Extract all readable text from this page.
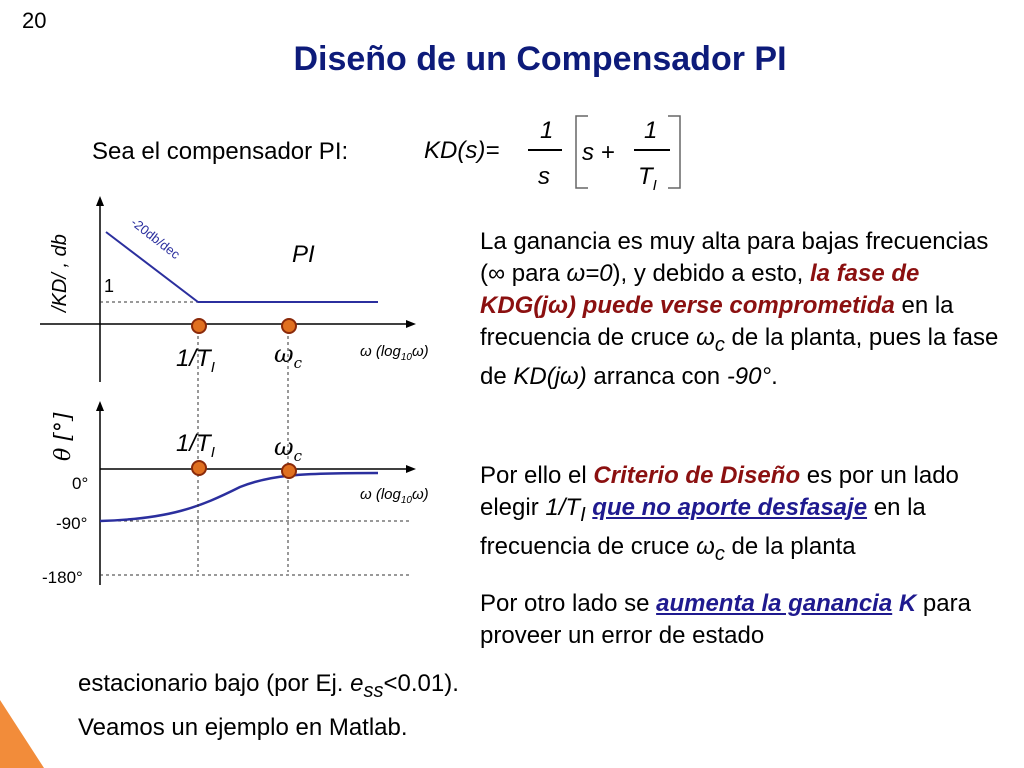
20
Diseño de un Compensador PI
Sea el compensador PI:	KD(s)=
1
s
s +
1
$T_I$
/KD/ , db	-20db/dec	PI
1
ω $(\log_{10}\omega)$
$1/T_I$ $\omega_c$
θ [°]
0°
-90°
-180°
ω $(\log_{10}\omega)$
$1/T_I$ $\omega_c$
La ganancia es muy alta para bajas frecuencias (∞ para ω=0), y debido a esto, la fase de KDG(jω) puede verse comprometida en la frecuencia de cruce $\omega_c$ de la planta, pues la fase de KD(jω) arranca con -90°.
Por ello el Criterio de Diseño es por un lado elegir $1/T_I$ que no aporte desfasaje en la frecuencia de cruce $\omega_c$ de la planta
Por otro lado se aumenta la ganancia K para proveer un error de estado
estacionario bajo (por Ej. $e_{ss}<0.01$).
Veamos un ejemplo en Matlab.
